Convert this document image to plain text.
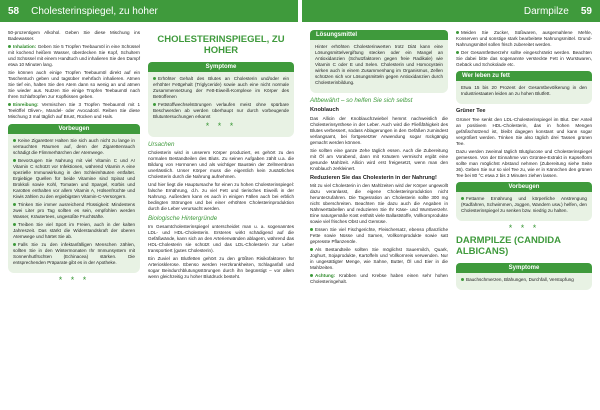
58	Cholesterinspiegel, zu hoher	Darmpilze	59

50-prozentigem Alkohol. Geben Sie diese Mischung ins Badewasser.

Inhalation: Geben Sie 5 Tropfen Teebaumöl in eine Schüssel mit kochend heißem Wasser, überdecken Sie Kopf, Schultern und Schüssel mit einem Handtuch und inhalieren Sie den Dampf etwa 10 Minuten lang.

Sie können auch einige Tropfen Teebaumöl direkt auf ein Taschentuch geben und tagsüber mehrfach inhalieren. Atmen Sie tief ein, halten Sie den Atem dann so wenig an und atmen Sie wieder aus. Nutzen Sie einige Tropfen Teebaumöl nach Ihren Schlaftropfen zur Kopfkissen geben.

Einreibung: Vermischen Sie 3 Tropfen Teebaumöl mit 1 Teelöffel Oliven-, Mandel- oder Avocadoöl. Reiben Sie diese Mischung 3 mal täglich auf Brust, Rücken und Hals.

Vorbeugen

Keine Zigaretten! Halten Sie sich auch nicht zu lange in verrauchten Räumen auf, denn der Zigarettenrauch schädigt die Flimmerhärchen der Atemwege.

Bevorzugen Sie Nahrung mit viel Vitamin C und A! Vitamin C schützt vor Infektionen, während Vitamin A eine spezielle Immunwirkung in den Schleimhäuten entfaltet. Ergiebige Quellen für beide Vitamine sind Spinat und Brokkoli sowie Kohl, Tomaten und Spargel, Kürbis und Karotten enthalten vor allem Vitamin A, Hülsenfrüchte und Kiwis zählen zu den ergiebigsten Vitamin-C-Versorgern.

Trinken Sie immer ausreichend Flüssigkeit: Mindestens zwei Liter pro Tag sollten es sein, empfohlen werden Wasser, Kräutertees, ungesüßte Fruchtsäfte.

Treiben Sie viel Sport im Freien, auch in der kalten Jahreszeit. Das stärkt die Widerstandskraft der oberen Atemwege und härtet Sie ab.

Falls Sie zu den infektanfälligen Menschen zählen, sollten Sie in den Wintermonaten Ihr Immunsystem mit Sonnenhutfrüchten (Echinacea) stärken. Die entsprechenden Präparate gibt es in der Apotheke.

* * *
CHOLESTERINSPIEGEL, ZU HOHER
Symptome

Erhöhter Gehalt des Blutes an Cholesterin und/oder ein erhöhter Fettgehalt (Triglyceride) sowie auch eine nicht normale Zusammensetzung der Fett-Eiweiß-Komplexe im Körper des Betroffenen

Fettstoffwechselstörungen verlaufen meist ohne spürbare Beschwerden ab werden überhaupt nur durch vorbeugende Blutuntersuchungen erkannt

* * *
Ursachen

Cholesterin wird in unserem Körper produziert, es gehört zu den normalen Bestandteilen des Bluts. Zu seinen Aufgaben zählt u.a. die Bildung von Hormonen und als wichtiger Baustein der Zellmembran unerlässlich. Unser Körper muss die eigentlich kein zusätzliches Cholesterin durch die Nahrung aufnehmen.

Und hier liegt die Hauptursache für einen zu hohen Cholesterinspiegel: falsche Ernährung, d.h. zu viel Fett und tierisches Eiweiß in der Nahrung. Außerdem kann es auch in einigen Fällen auch bei erblich bedingten Störungen und bei einer erhöhten Cholesterinproduktion durch die Leber verursacht werden.

Biologische Hintergründe

Im Gesamtcholesterinspiegel unterscheidet man u. a. sogenanntes LDL- und HDL-Cholesterin. Ersteres wirkt schädigend auf die Gefäßwände, kann sich an den Arterienwänden ablagern, während das HDL-Cholesterin sie schützt und das LDL-Cholesterin zur Leber transportiert (gutes Cholesterin).

Ein Zuviel an Blutfetten gehört zu den größten Risikofaktoren für Arteriosklerose. Ebenso werden Herzkrankheiten, Schlaganfall und sogar Beindurchblutungsstörungen durch ihn begünstigt – vor allem wenn gleichzeitig zu hoher Blutdruck besteht.

Lösungsmittel

Hinter erhöhten Cholesterinwerten trotz Diät kann eine Lösungsmittelvergiftung stecken oder ein Mangel an Antioxidanzien (Schutzfaktoren gegen freie Radikale) wie Vitamin C oder E und Selen. Cholesterin und Homocystein wirken auch in einem Zusammenhang im Organismus, Zellen schützen sich vor Lösungsmitteln gegen Antioxidanzien durch Cholesterinbildung.

Altbewährt – so helfen Sie sich selbst
Knoblauch

Das Allicin der Knoblauchzwiebel hemmt nachweislich die Cholesterinsynthese in der Leber. Auch wird die Fließfähigkeit des Blutes verbessert, sodass Ablagerungen in den Gefäßen zumindest verlangsamt, bei fortgesetzter Anwendung sogar rückgängig gemacht werden können.

Sie sollten eine ganze Zehe täglich essen. Auch die Zubereitung mit Öl am Vorabend, dann mit Kräutern vermischt ergibt eine gesunde Mahlzeit. Allicin wird erst freigesetzt, wenn man den Knoblauch zerkleinert.

Reduzieren Sie das Cholesterin in der Nahrung!

Mit zu viel Cholesterin in den Mahlzeiten wird der Körper ungewollt dazu veranlasst, die eigene Cholesterinproduktion nicht herunterzufahren. Die Tagesration an Cholesterin sollte 300 mg nicht überschreiten. Beachten Sie dazu auch die Angaben in Nährwerttabellen und reduzieren Sie Ihr Käse- und Wurstverzehr. Eine naturgemäße Kost enthält viele Ballaststoffe, Vollkornprodukte sowie viel frisches Obst und Gemüse.

Essen Sie viel Fischgerichte, Fleischersatz, ebenso pflanzliche Fette sowie Nüsse und Samen, Vollkornprodukte sowie satt gepresste Pflanzenöle.

Als Bestandteile sollten Sie möglichst Sauermilch, Quark, Joghurt, Sojaprodukte, Kartoffeln und Vollkornreis verwenden. Nur in ungesättigter Menge, wie Sahne, Butter, Öl und Eier in die Mahlzeiten.

Achtung: Krabben und Krebse haben einen sehr hohen Cholesteringehalt.

Meiden Sie Zucker, Süßwaren, ausgemahlene Mehle, Konserven und sonstige stark bearbeitete Nahrungsmittel. Grund-Nahrungsmittel sollen frisch zubereitet werden.

Der Gesamtfettverzehr sollte eingeschränkt werden. Beachten Sie dabei bitte das sogenannte versteckte Fett in Wurstwaren, Gebäck und Schokolade etc.

Wer leben zu fett

Etwa 15 bis 20 Prozent der Gesamtbevölkerung in den Industriestaaten leiden an zu hohen Blutfett.

Grüner Tee

Grüner Tee senkt den LDL-Cholesterinspiegel im Blut. Der Anteil an positivem HDL-Cholesterin, das in hohen Mengen gefäßschützend ist, bleibt dagegen konstant und kann sogar vergrößert werden. Trinken Sie also täglich drei Tassen grünen Tee.

Dazu werden zweimal täglich Blutglucose und Cholesterinspiegel gemessen. Von der Einnahme von Grüntee-Extrakt in Kapselform sollte man möglichst Abstand nehmen (Zubereitung siehe Seite 36). Geben Sie nur so viel Tee zu, wie er in Kännchen den grünen Tee bei 80 °C etwa 2 bis 3 Minuten ziehen lassen.

Vorbeugen

Fettarme Ernährung und körperliche Anstrengung (Radfahren, Schwimmen, Joggen, Wandern usw.) helfen, den Cholesterinspiegel zu senken bzw. niedrig zu halten.

* * *
DARMPILZE (CANDIDA ALBICANS)
Symptome

Bauchschmerzen, Blähungen, Durchfall, Verstopfung
